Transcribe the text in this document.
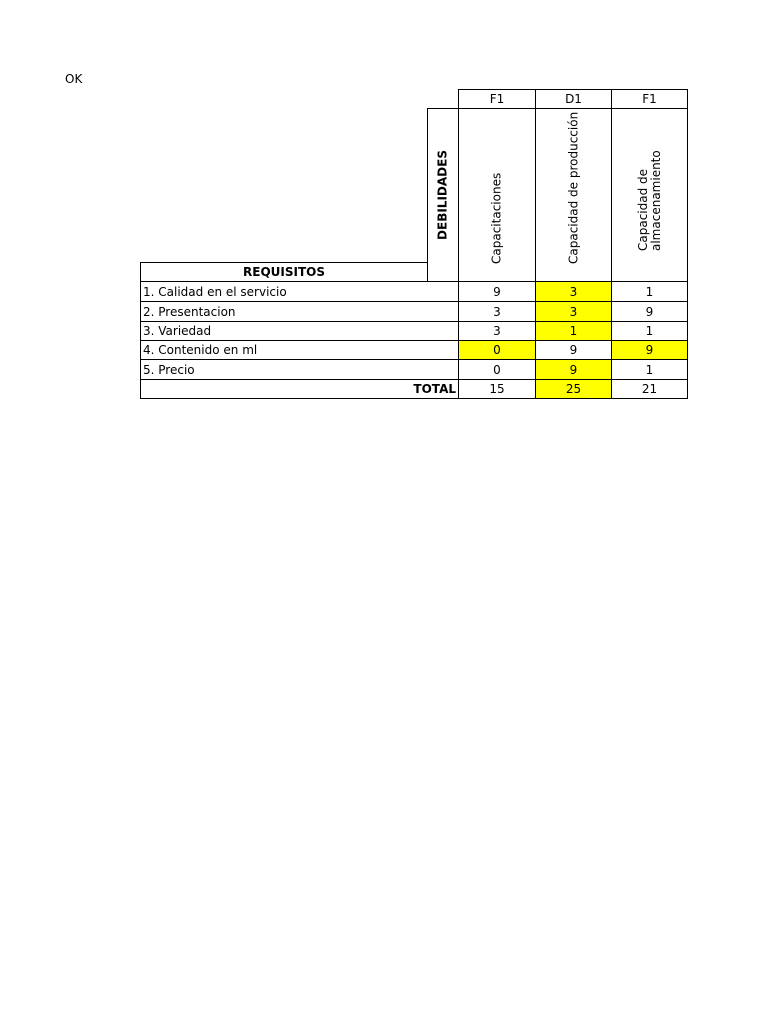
OK
F1	D1	F1
DEBILIDADES	Capacitaciones	Capacidad de producción	Capacidad de almacenamiento
REQUISITOS
1. Calidad en el servicio	9	3	1
2. Presentacion	3	3	9
3. Variedad	3	1	1
4. Contenido en ml	0	9	9
5. Precio	0	9	1
TOTAL	15	25	21
